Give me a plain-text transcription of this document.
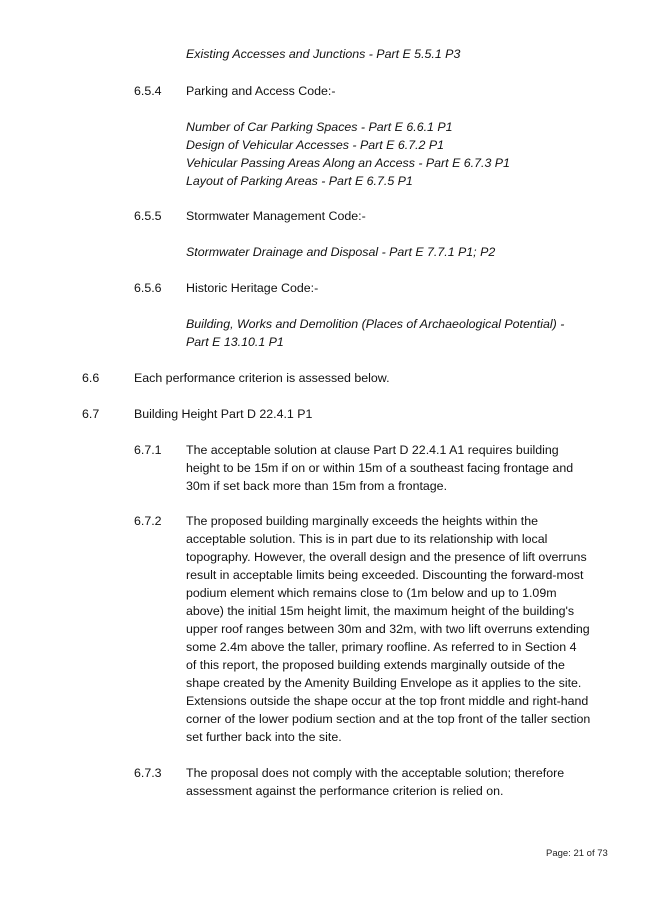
Existing Accesses and Junctions - Part E 5.5.1 P3
6.5.4 Parking and Access Code:-
Number of Car Parking Spaces - Part E 6.6.1 P1
Design of Vehicular Accesses - Part E 6.7.2 P1
Vehicular Passing Areas Along an Access - Part E 6.7.3 P1
Layout of Parking Areas - Part E 6.7.5 P1
6.5.5 Stormwater Management Code:-
Stormwater Drainage and Disposal - Part E 7.7.1 P1; P2
6.5.6 Historic Heritage Code:-
Building, Works and Demolition (Places of Archaeological Potential) -
Part E 13.10.1 P1
6.6	Each performance criterion is assessed below.
6.7	Building Height Part D 22.4.1 P1
6.7.1 The acceptable solution at clause Part D 22.4.1 A1 requires building
height to be 15m if on or within 15m of a southeast facing frontage and
30m if set back more than 15m from a frontage.
6.7.2 The proposed building marginally exceeds the heights within the
acceptable solution. This is in part due to its relationship with local
topography. However, the overall design and the presence of lift overruns
result in acceptable limits being exceeded. Discounting the forward-most
podium element which remains close to (1m below and up to 1.09m
above) the initial 15m height limit, the maximum height of the building's
upper roof ranges between 30m and 32m, with two lift overruns extending
some 2.4m above the taller, primary roofline. As referred to in Section 4
of this report, the proposed building extends marginally outside of the
shape created by the Amenity Building Envelope as it applies to the site.
Extensions outside the shape occur at the top front middle and right-hand
corner of the lower podium section and at the top front of the taller section
set further back into the site.
6.7.3 The proposal does not comply with the acceptable solution; therefore
assessment against the performance criterion is relied on.
Page: 21 of 73
